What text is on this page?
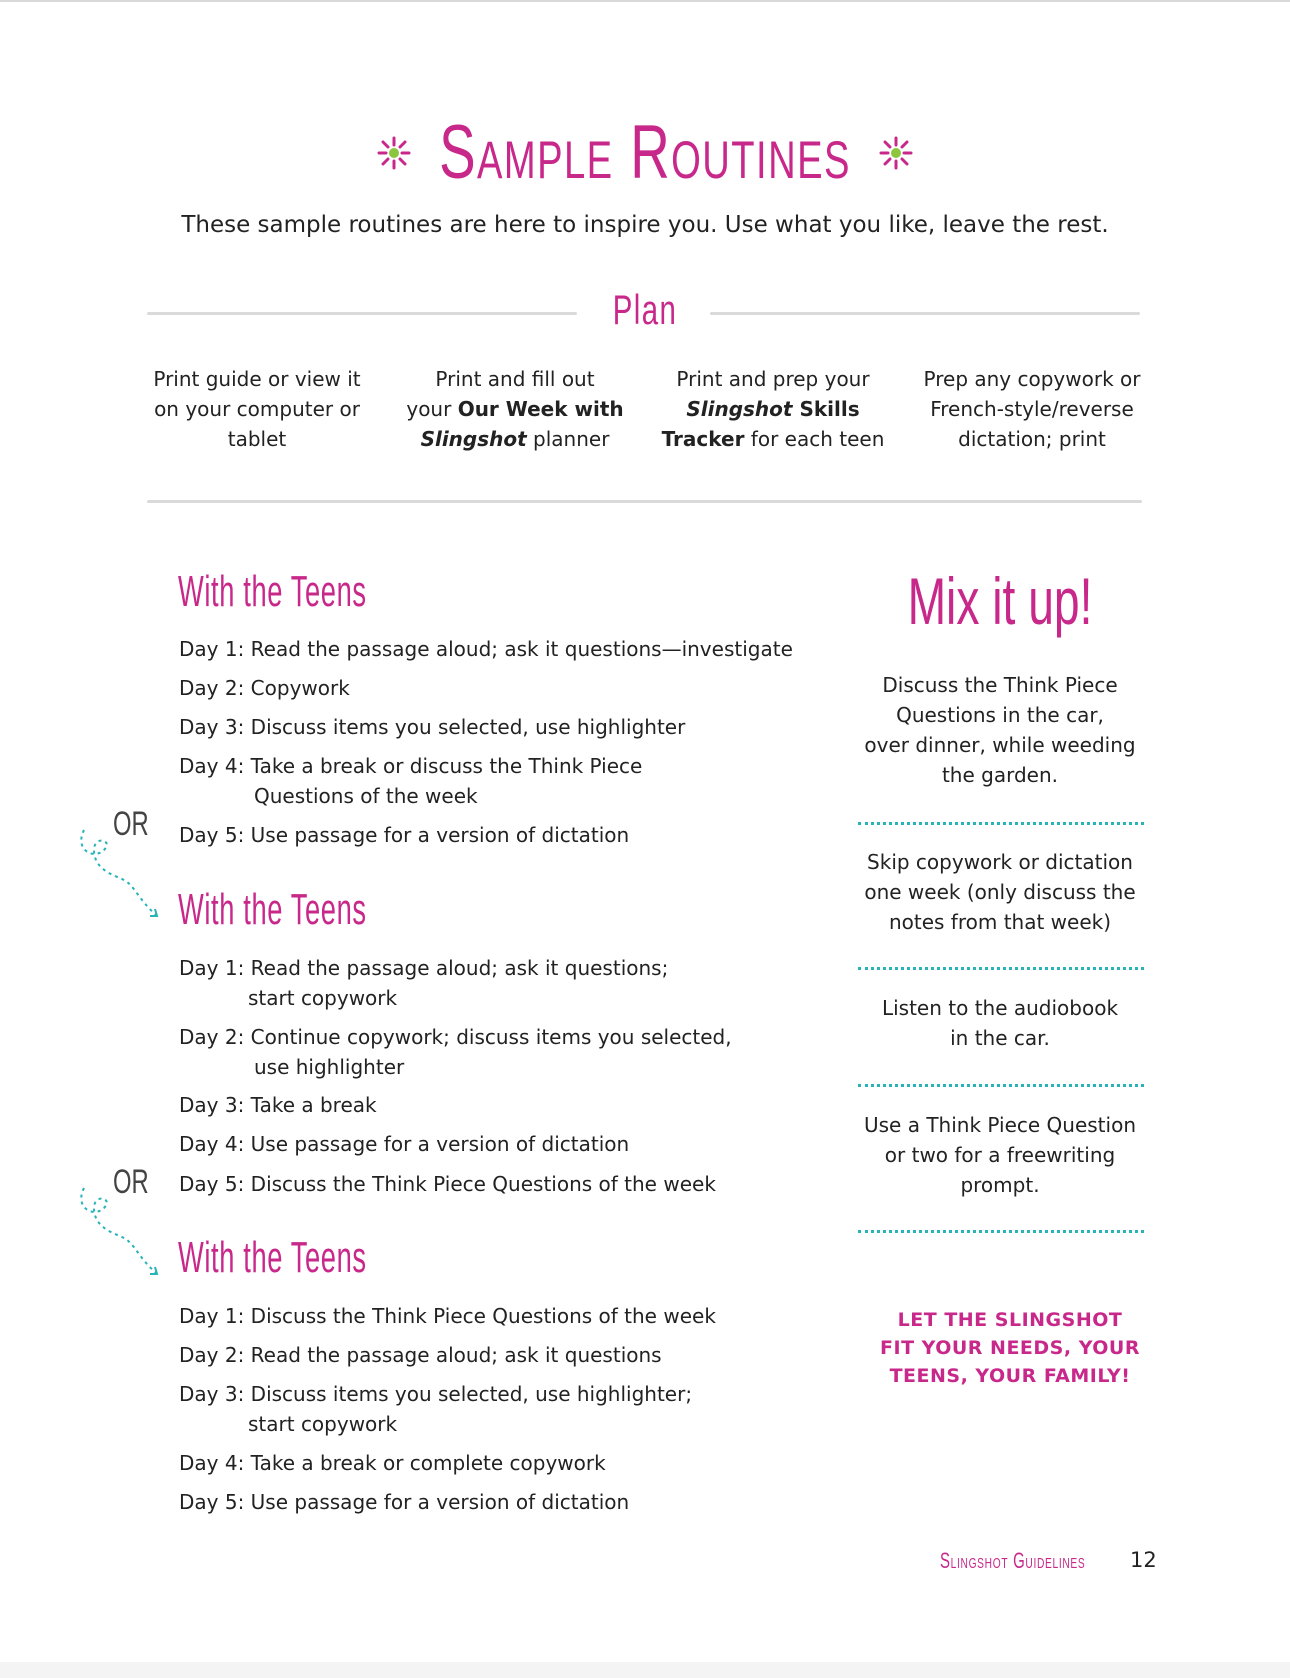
Sample Routines
These sample routines are here to inspire you. Use what you like, leave the rest.
Plan
Print guide or view it
on your computer or
tablet
Print and fill out
your Our Week with
Slingshot planner
Print and prep your
Slingshot Skills
Tracker for each teen
Prep any copywork or
French-style/reverse
dictation; print
With the Teens
Day 1: Read the passage aloud; ask it questions—investigate
Day 2: Copywork
Day 3: Discuss items you selected, use highlighter
Day 4: Take a break or discuss the Think Piece
Questions of the week
Day 5: Use passage for a version of dictation
OR
With the Teens
Day 1: Read the passage aloud; ask it questions;
start copywork
Day 2: Continue copywork; discuss items you selected,
use highlighter
Day 3: Take a break
Day 4: Use passage for a version of dictation
Day 5: Discuss the Think Piece Questions of the week
OR
With the Teens
Day 1: Discuss the Think Piece Questions of the week
Day 2: Read the passage aloud; ask it questions
Day 3: Discuss items you selected, use highlighter;
start copywork
Day 4: Take a break or complete copywork
Day 5: Use passage for a version of dictation
Mix it up!
Discuss the Think Piece
Questions in the car,
over dinner, while weeding
the garden.
Skip copywork or dictation
one week (only discuss the
notes from that week)
Listen to the audiobook
in the car.
Use a Think Piece Question
or two for a freewriting
prompt.
LET THE SLINGSHOT
FIT YOUR NEEDS, YOUR
TEENS, YOUR FAMILY!
Slingshot Guidelines 12
